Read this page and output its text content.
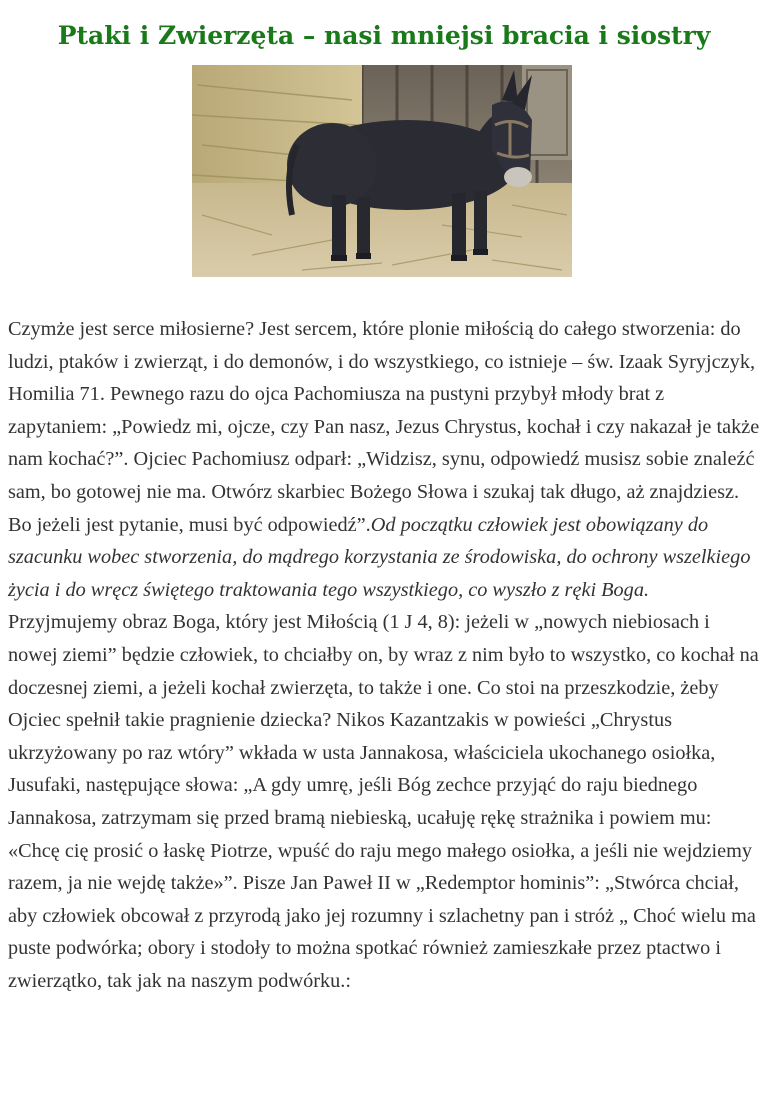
Ptaki i Zwierzęta – nasi mniejsi bracia i siostry

Czymże jest serce miłosierne? Jest sercem, które plonie miłością do całego stworzenia: do ludzi, ptaków i zwierząt, i do demonów, i do wszystkiego, co istnieje – św. Izaak Syryjczyk, Homilia 71. Pewnego razu do ojca Pachomiusza na pustyni przybył młody brat z zapytaniem: „Powiedz mi, ojcze, czy Pan nasz, Jezus Chrystus, kochał i czy nakazał je także nam kochać?”. Ojciec Pachomiusz odparł: „Widzisz, synu, odpowiedź musisz sobie znaleźć sam, bo gotowej nie ma. Otwórz skarbiec Bożego Słowa i szukaj tak długo, aż znajdziesz. Bo jeżeli jest pytanie, musi być odpowiedź”.Od początku człowiek jest obowiązany do szacunku wobec stworzenia, do mądrego korzystania ze środowiska, do ochrony wszelkiego życia i do wręcz świętego traktowania tego wszystkiego, co wyszło z ręki Boga. Przyjmujemy obraz Boga, który jest Miłością (1 J 4, 8): jeżeli w „nowych niebiosach i nowej ziemi” będzie człowiek, to chciałby on, by wraz z nim było to wszystko, co kochał na doczesnej ziemi, a jeżeli kochał zwierzęta, to także i one. Co stoi na przeszkodzie, żeby Ojciec spełnił takie pragnienie dziecka? Nikos Kazantzakis w powieści „Chrystus ukrzyżowany po raz wtóry” wkłada w usta Jannakosa, właściciela ukochanego osiołka, Jusufaki, następujące słowa: „A gdy umrę, jeśli Bóg zechce przyjąć do raju biednego Jannakosa, zatrzymam się przed bramą niebieską, ucałuję rękę strażnika i powiem mu: «Chcę cię prosić o łaskę Piotrze, wpuść do raju mego małego osiołka, a jeśli nie wejdziemy razem, ja nie wejdę także»”. Pisze Jan Paweł II w „Redemptor hominis”: „Stwórca chciał, aby człowiek obcował z przyrodą jako jej rozumny i szlachetny pan i stróż „ Choć wielu ma puste podwórka; obory i stodoły to można spotkać również zamieszkałe przez ptactwo i zwierzątko, tak jak na naszym podwórku.:
